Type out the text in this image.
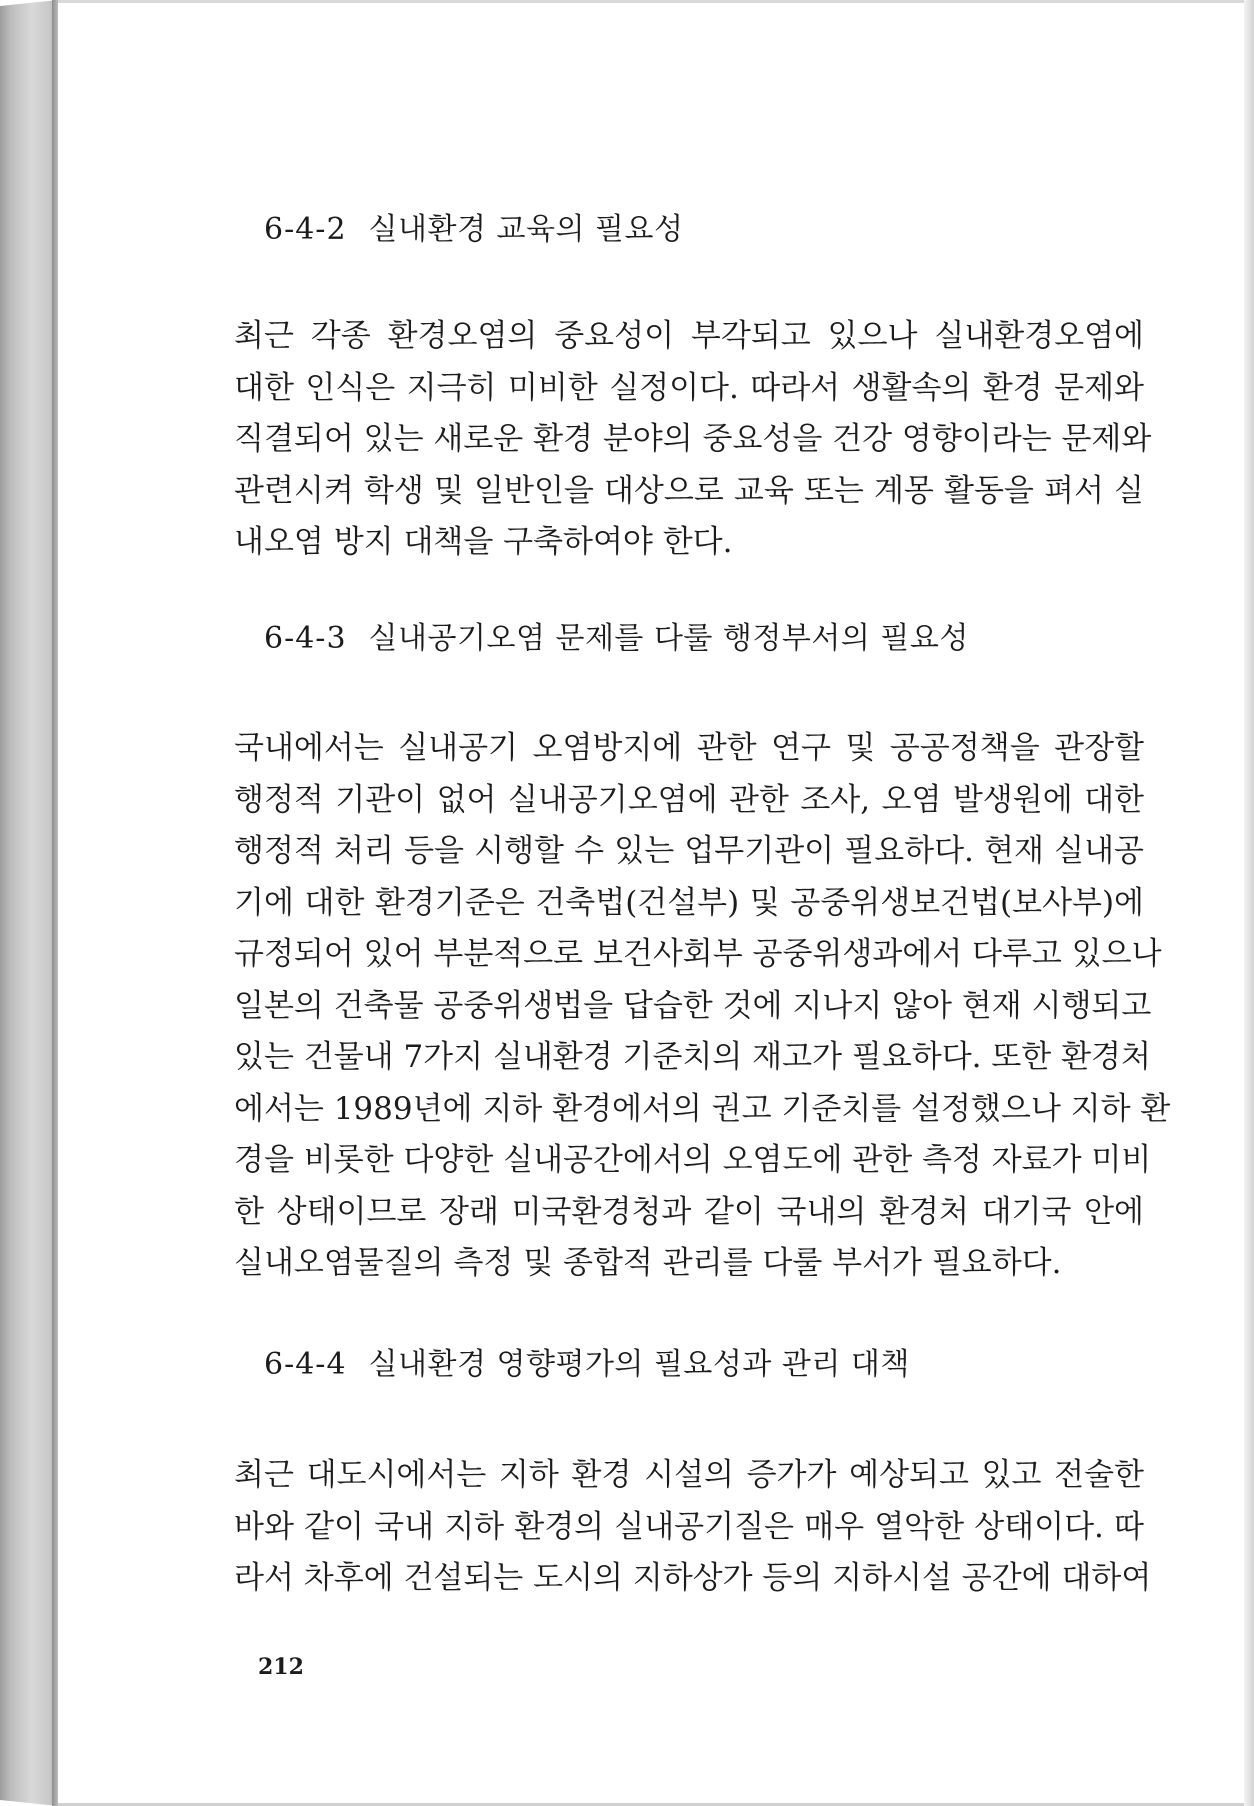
6-4-2 실내환경 교육의 필요성
최근 각종 환경오염의 중요성이 부각되고 있으나 실내환경오염에
대한 인식은 지극히 미비한 실정이다. 따라서 생활속의 환경 문제와
직결되어 있는 새로운 환경 분야의 중요성을 건강 영향이라는 문제와
관련시켜 학생 및 일반인을 대상으로 교육 또는 계몽 활동을 펴서 실
내오염 방지 대책을 구축하여야 한다.
6-4-3 실내공기오염 문제를 다룰 행정부서의 필요성
국내에서는 실내공기 오염방지에 관한 연구 및 공공정책을 관장할
행정적 기관이 없어 실내공기오염에 관한 조사, 오염 발생원에 대한
행정적 처리 등을 시행할 수 있는 업무기관이 필요하다. 현재 실내공
기에 대한 환경기준은 건축법(건설부) 및 공중위생보건법(보사부)에
규정되어 있어 부분적으로 보건사회부 공중위생과에서 다루고 있으나
일본의 건축물 공중위생법을 답습한 것에 지나지 않아 현재 시행되고
있는 건물내 7가지 실내환경 기준치의 재고가 필요하다. 또한 환경처
에서는 1989년에 지하 환경에서의 권고 기준치를 설정했으나 지하 환
경을 비롯한 다양한 실내공간에서의 오염도에 관한 측정 자료가 미비
한 상태이므로 장래 미국환경청과 같이 국내의 환경처 대기국 안에
실내오염물질의 측정 및 종합적 관리를 다룰 부서가 필요하다.
6-4-4 실내환경 영향평가의 필요성과 관리 대책
최근 대도시에서는 지하 환경 시설의 증가가 예상되고 있고 전술한
바와 같이 국내 지하 환경의 실내공기질은 매우 열악한 상태이다. 따
라서 차후에 건설되는 도시의 지하상가 등의 지하시설 공간에 대하여
212
